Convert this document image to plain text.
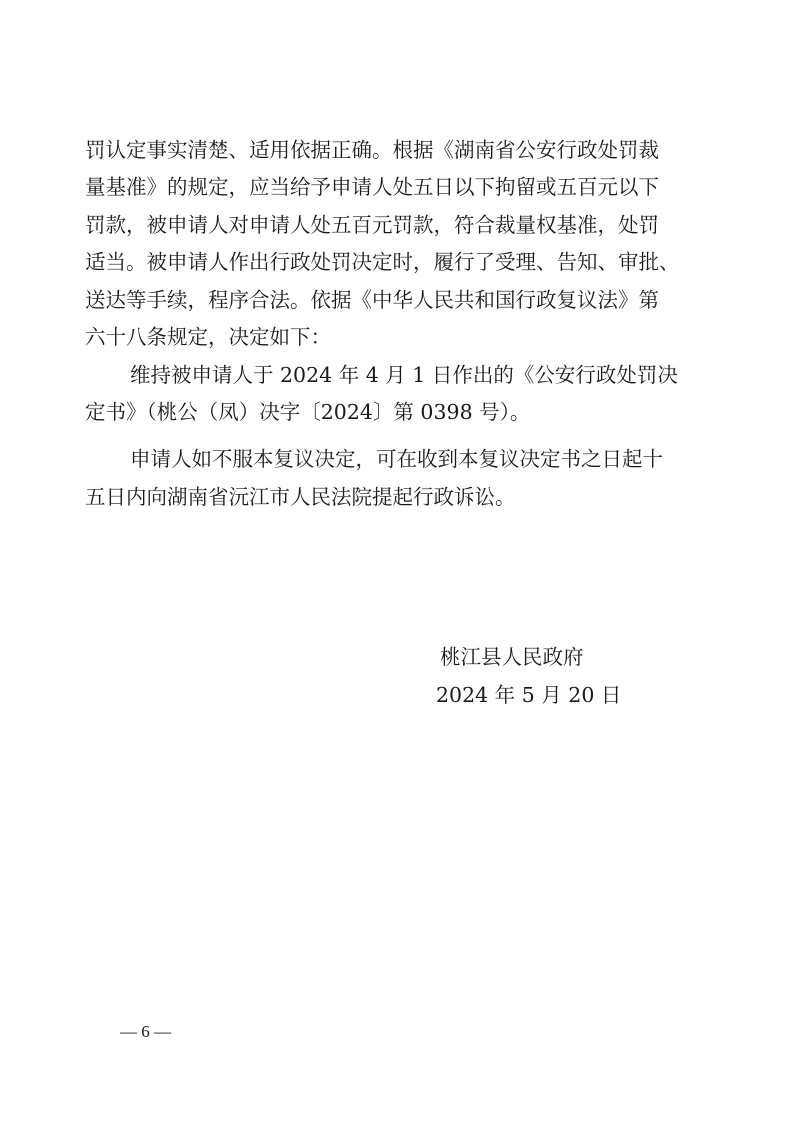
罚认定事实清楚、适用依据正确。根据《湖南省公安行政处罚裁
量基准》的规定，应当给予申请人处五日以下拘留或五百元以下
罚款，被申请人对申请人处五百元罚款，符合裁量权基准，处罚
适当。被申请人作出行政处罚决定时，履行了受理、告知、审批、
送达等手续，程序合法。依据《中华人民共和国行政复议法》第
六十八条规定，决定如下：
维持被申请人于 2024 年 4 月 1 日作出的《公安行政处罚决
定书》（桃公（凤）决字〔2024〕第 0398 号）。
申请人如不服本复议决定，可在收到本复议决定书之日起十
五日内向湖南省沅江市人民法院提起行政诉讼。
桃江县人民政府
2024 年 5 月 20 日
— 6 —
